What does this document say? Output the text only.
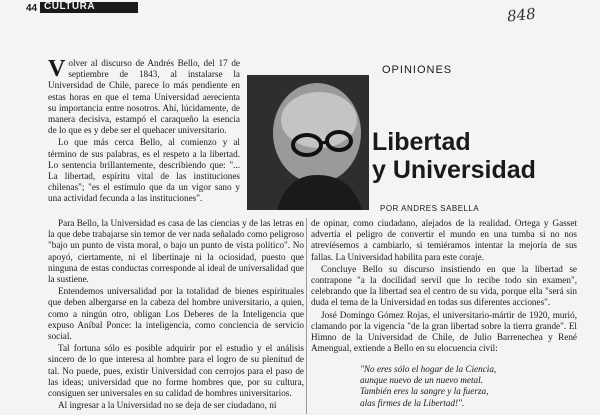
44 CULTURA	848

Volver al discurso de Andrés Bello, del 17 de septiembre de 1843, al instalarse la Universidad de Chile, parece lo más pendiente en estas horas en que el tema Universidad aerecienta su importancia entre nosotros. Ahí, lúcidamente, de manera decisiva, estampó el caraqueño la esencia de lo que es y debe ser el quehacer universitario.

Lo que más cerca Bello, al comienzo y al término de sus palabras, es el respeto a la libertad. Lo sentencia brillantemente, describiendo que: "... La libertad, espíritu vital de las instituciones chilenas"; "es el estímulo que da un vigor sano y una actividad fecunda a las instituciones".

OPINIONES
Libertad
y Universidad
POR ANDRES SABELLA

Para Bello, la Universidad es casa de las ciencias y de las letras en la que debe trabajarse sin temor de ver nada señalado como peligroso "bajo un punto de vista moral, o bajo un punto de vista político". No apoyó, ciertamente, ni el libertinaje ni la ociosidad, puesto que ninguna de estas conductas corresponde al ideal de universalidad que la sustiene.

Entendemos universalidad por la totalidad de bienes espirituales que deben albergarse en la cabeza del hombre universitario, a quien, como a ningún otro, obligan Los Deberes de la Inteligencia que expuso Aníbal Ponce: la inteligencia, como conciencia de servicio social.

Tal fortuna sólo es posible adquirir por el estudio y el análisis sincero de lo que interesa al hombre para el logro de su plenitud de tal. No puede, pues, existir Universidad con cerrojos para el paso de las ideas; universidad que no forme hombres que, por su cultura, consiguen ser universales en su calidad de hombres universitarios.

Al ingresar a la Universidad no se deja de ser ciudadano, ni

de opinar, como ciudadano, alejados de la realidad. Ortega y Gasset advertía el peligro de convertir el mundo en una tumba si no nos atrevíésemos a cambiarlo, si temiéramos intentar la mejoría de sus fallas. La Universidad habilita para este coraje.

Concluye Bello su discurso insistiendo en que la libertad se contrapone "a la docilidad servil que lo recibe todo sin examen", celebrando que la libertad sea el centro de su vida, porque ella "será sin duda el tema de la Universidad en todas sus diferentes acciones".

José Domingo Gómez Rojas, el universitario-mártir de 1920, murió, clamando por la vigencia "de la gran libertad sobre la tierra grande". El Himno de la Universidad de Chile, de Julio Barrenechea y René Amengual, extiende a Bello en su elocuencia civil:

"No eres sólo el hogar de la Ciencia,
aunque nuevo de un nuevo metal.
También eres la sangre y la fuerza,
alas firmes de la Libertad!".
